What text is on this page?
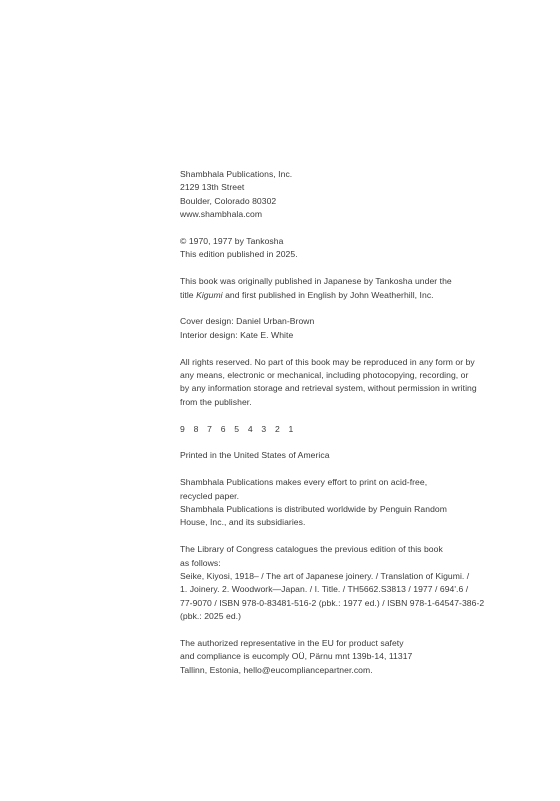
Shambhala Publications, Inc.
2129 13th Street
Boulder, Colorado 80302
www.shambhala.com
© 1970, 1977 by Tankosha
This edition published in 2025.
This book was originally published in Japanese by Tankosha under the
title Kigumi and first published in English by John Weatherhill, Inc.
Cover design: Daniel Urban-Brown
Interior design: Kate E. White
All rights reserved. No part of this book may be reproduced in any form or by
any means, electronic or mechanical, including photocopying, recording, or
by any information storage and retrieval system, without permission in writing
from the publisher.
9 8 7 6 5 4 3 2 1
Printed in the United States of America
Shambhala Publications makes every effort to print on acid-free,
recycled paper.
Shambhala Publications is distributed worldwide by Penguin Random
House, Inc., and its subsidiaries.
The Library of Congress catalogues the previous edition of this book
as follows:
Seike, Kiyosi, 1918– / The art of Japanese joinery. / Translation of Kigumi. /
1. Joinery. 2. Woodwork—Japan. / I. Title. / TH5662.S3813 / 1977 / 694'.6 /
77-9070 / ISBN 978-0-83481-516-2 (pbk.: 1977 ed.) / ISBN 978-1-64547-386-2
(pbk.: 2025 ed.)
The authorized representative in the EU for product safety
and compliance is eucomply OÜ, Pärnu mnt 139b-14, 11317
Tallinn, Estonia, hello@eucompliancepartner.com.
